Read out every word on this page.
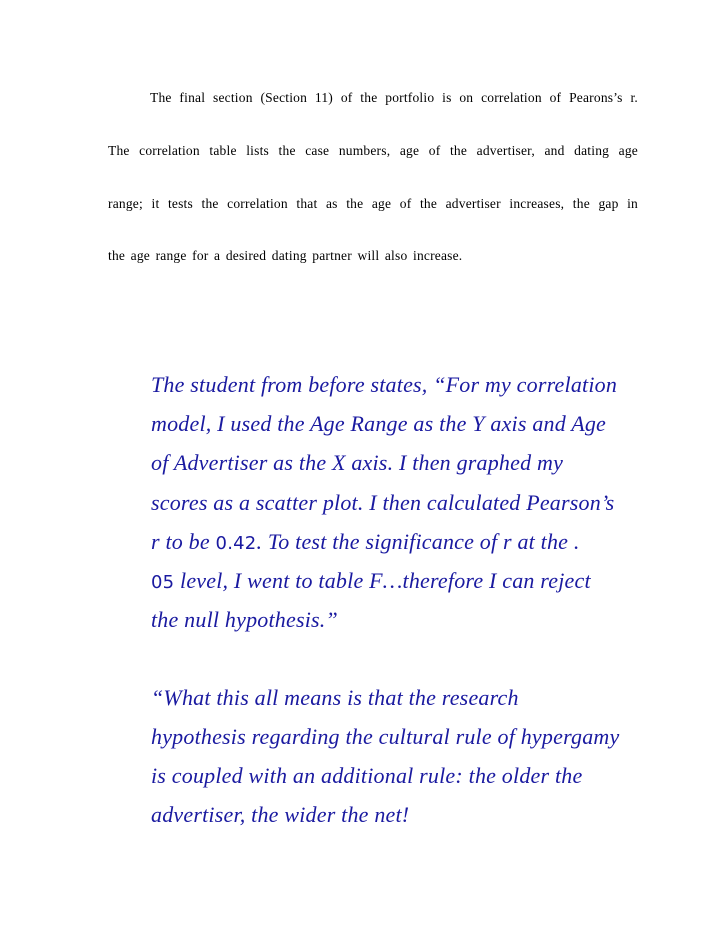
The final section (Section 11) of the portfolio is on correlation of Pearons’s r.
The correlation table lists the case numbers, age of the advertiser, and dating age
range; it tests the correlation that as the age of the advertiser increases, the gap in
the age range for a desired dating partner will also increase.
The student from before states, “For my correlation
model, I used the Age Range as the Y axis and Age
of Advertiser as the X axis. I then graphed my
scores as a scatter plot. I then calculated Pearson’s
r to be 0.42. To test the significance of r at the .
05 level, I went to table F…therefore I can reject
the null hypothesis.”
“What this all means is that the research
hypothesis regarding the cultural rule of hypergamy
is coupled with an additional rule: the older the
advertiser, the wider the net!
